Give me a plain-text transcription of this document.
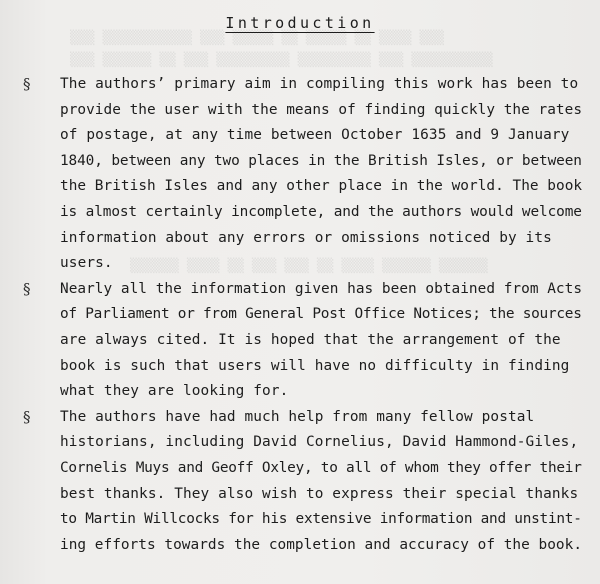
▒▒▒ ▒▒▒▒▒▒▒▒▒▒▒ ▒▒▒ ▒▒▒▒▒ ▒▒ ▒▒▒▒▒ ▒▒ ▒▒▒▒ ▒▒▒
▒▒▒ ▒▒▒▒▒▒ ▒▒ ▒▒▒ ▒▒▒▒▒▒▒▒▒ ▒▒▒▒▒▒▒▒▒ ▒▒▒ ▒▒▒▒▒▒▒▒▒▒
▒▒▒▒▒▒ ▒▒▒▒ ▒▒ ▒▒▒ ▒▒▒ ▒▒ ▒▒▒▒ ▒▒▒▒▒▒ ▒▒▒▒▒▒
Introduction
§	The authors’ primary aim in compiling this work has been to
provide the user with the means of finding quickly the rates
of postage, at any time between October 1635 and 9 January
1840, between any two places in the British Isles, or between
the British Isles and any other place in the world. The book
is almost certainly incomplete, and the authors would welcome
information about any errors or omissions noticed by its
users.
§	Nearly all the information given has been obtained from Acts
of Parliament or from General Post Office Notices; the sources
are always cited. It is hoped that the arrangement of the
book is such that users will have no difficulty in finding
what they are looking for.
§	The authors have had much help from many fellow postal
historians, including David Cornelius, David Hammond-Giles,
Cornelis Muys and Geoff Oxley, to all of whom they offer their
best thanks. They also wish to express their special thanks
to Martin Willcocks for his extensive information and unstint-
ing efforts towards the completion and accuracy of the book.
